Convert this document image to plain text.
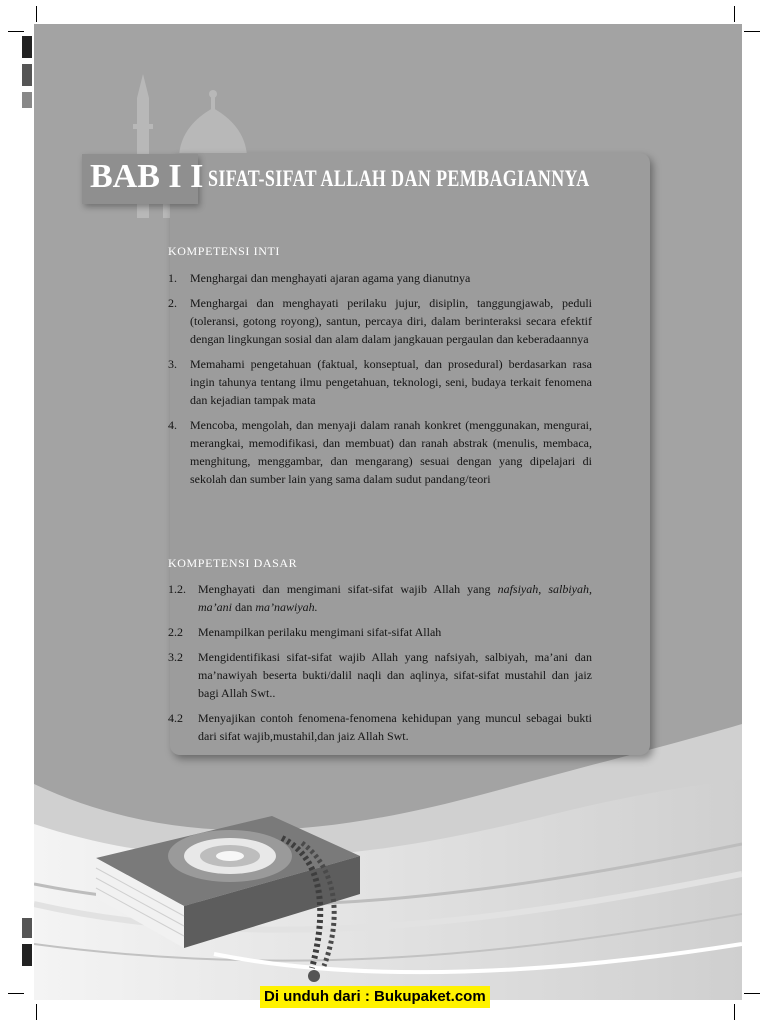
BAB I I SIFAT-SIFAT ALLAH DAN PEMBAGIANNYA
KOMPETENSI INTI
1. Menghargai dan menghayati ajaran agama yang dianutnya
2. Menghargai dan menghayati perilaku jujur, disiplin, tanggungjawab, peduli (toleransi, gotong royong), santun, percaya diri, dalam berinteraksi secara efektif dengan lingkungan sosial dan alam dalam jangkauan pergaulan dan keberadaannya
3. Memahami pengetahuan (faktual, konseptual, dan prosedural) berdasarkan rasa ingin tahunya tentang ilmu pengetahuan, teknologi, seni, budaya terkait fenomena dan kejadian tampak mata
4. Mencoba, mengolah, dan menyaji dalam ranah konkret (menggunakan, mengurai, merangkai, memodifikasi, dan membuat) dan ranah abstrak (menulis, membaca, menghitung, menggambar, dan mengarang) sesuai dengan yang dipelajari di sekolah dan sumber lain yang sama dalam sudut pandang/teori
KOMPETENSI DASAR
1.2. Menghayati dan mengimani sifat-sifat wajib Allah yang nafsiyah, salbiyah, ma’ani dan ma’nawiyah.
2.2 Menampilkan perilaku mengimani sifat-sifat Allah
3.2 Mengidentifikasi sifat-sifat wajib Allah yang nafsiyah, salbiyah, ma’ani dan ma’nawiyah beserta bukti/dalil naqli dan aqlinya, sifat-sifat mustahil dan jaiz bagi Allah Swt..
4.2 Menyajikan contoh fenomena-fenomena kehidupan yang muncul sebagai bukti dari sifat wajib,mustahil,dan jaiz Allah Swt.
Di unduh dari : Bukupaket.com
